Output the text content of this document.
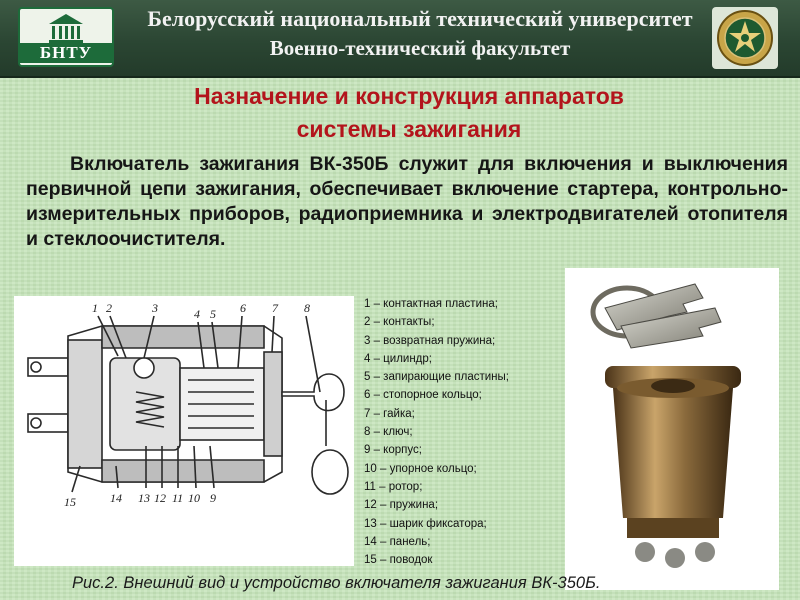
БНТУ
Белорусский национальный технический университет
Военно-технический факультет
Назначение и конструкция аппаратов
системы зажигания

Включатель зажигания ВК-350Б служит для включения и выключения первичной цепи зажигания, обеспечивает включение стартера, контрольно-измерительных приборов, радиоприемника и электродвигателей отопителя и стеклоочистителя.

1 2	3	4 5 6 7 8
15	14 13 12 11 10 9
1 – контактная пластина;
2 – контакты;
3 – возвратная пружина;
4 – цилиндр;
5 – запирающие пластины;
6 – стопорное кольцо;
7 – гайка;
8 – ключ;
9 – корпус;
10 – упорное кольцо;
11 – ротор;
12 – пружина;
13 – шарик фиксатора;
14 – панель;
15 – поводок
Рис.2. Внешний вид и устройство включателя зажигания ВК-350Б.
